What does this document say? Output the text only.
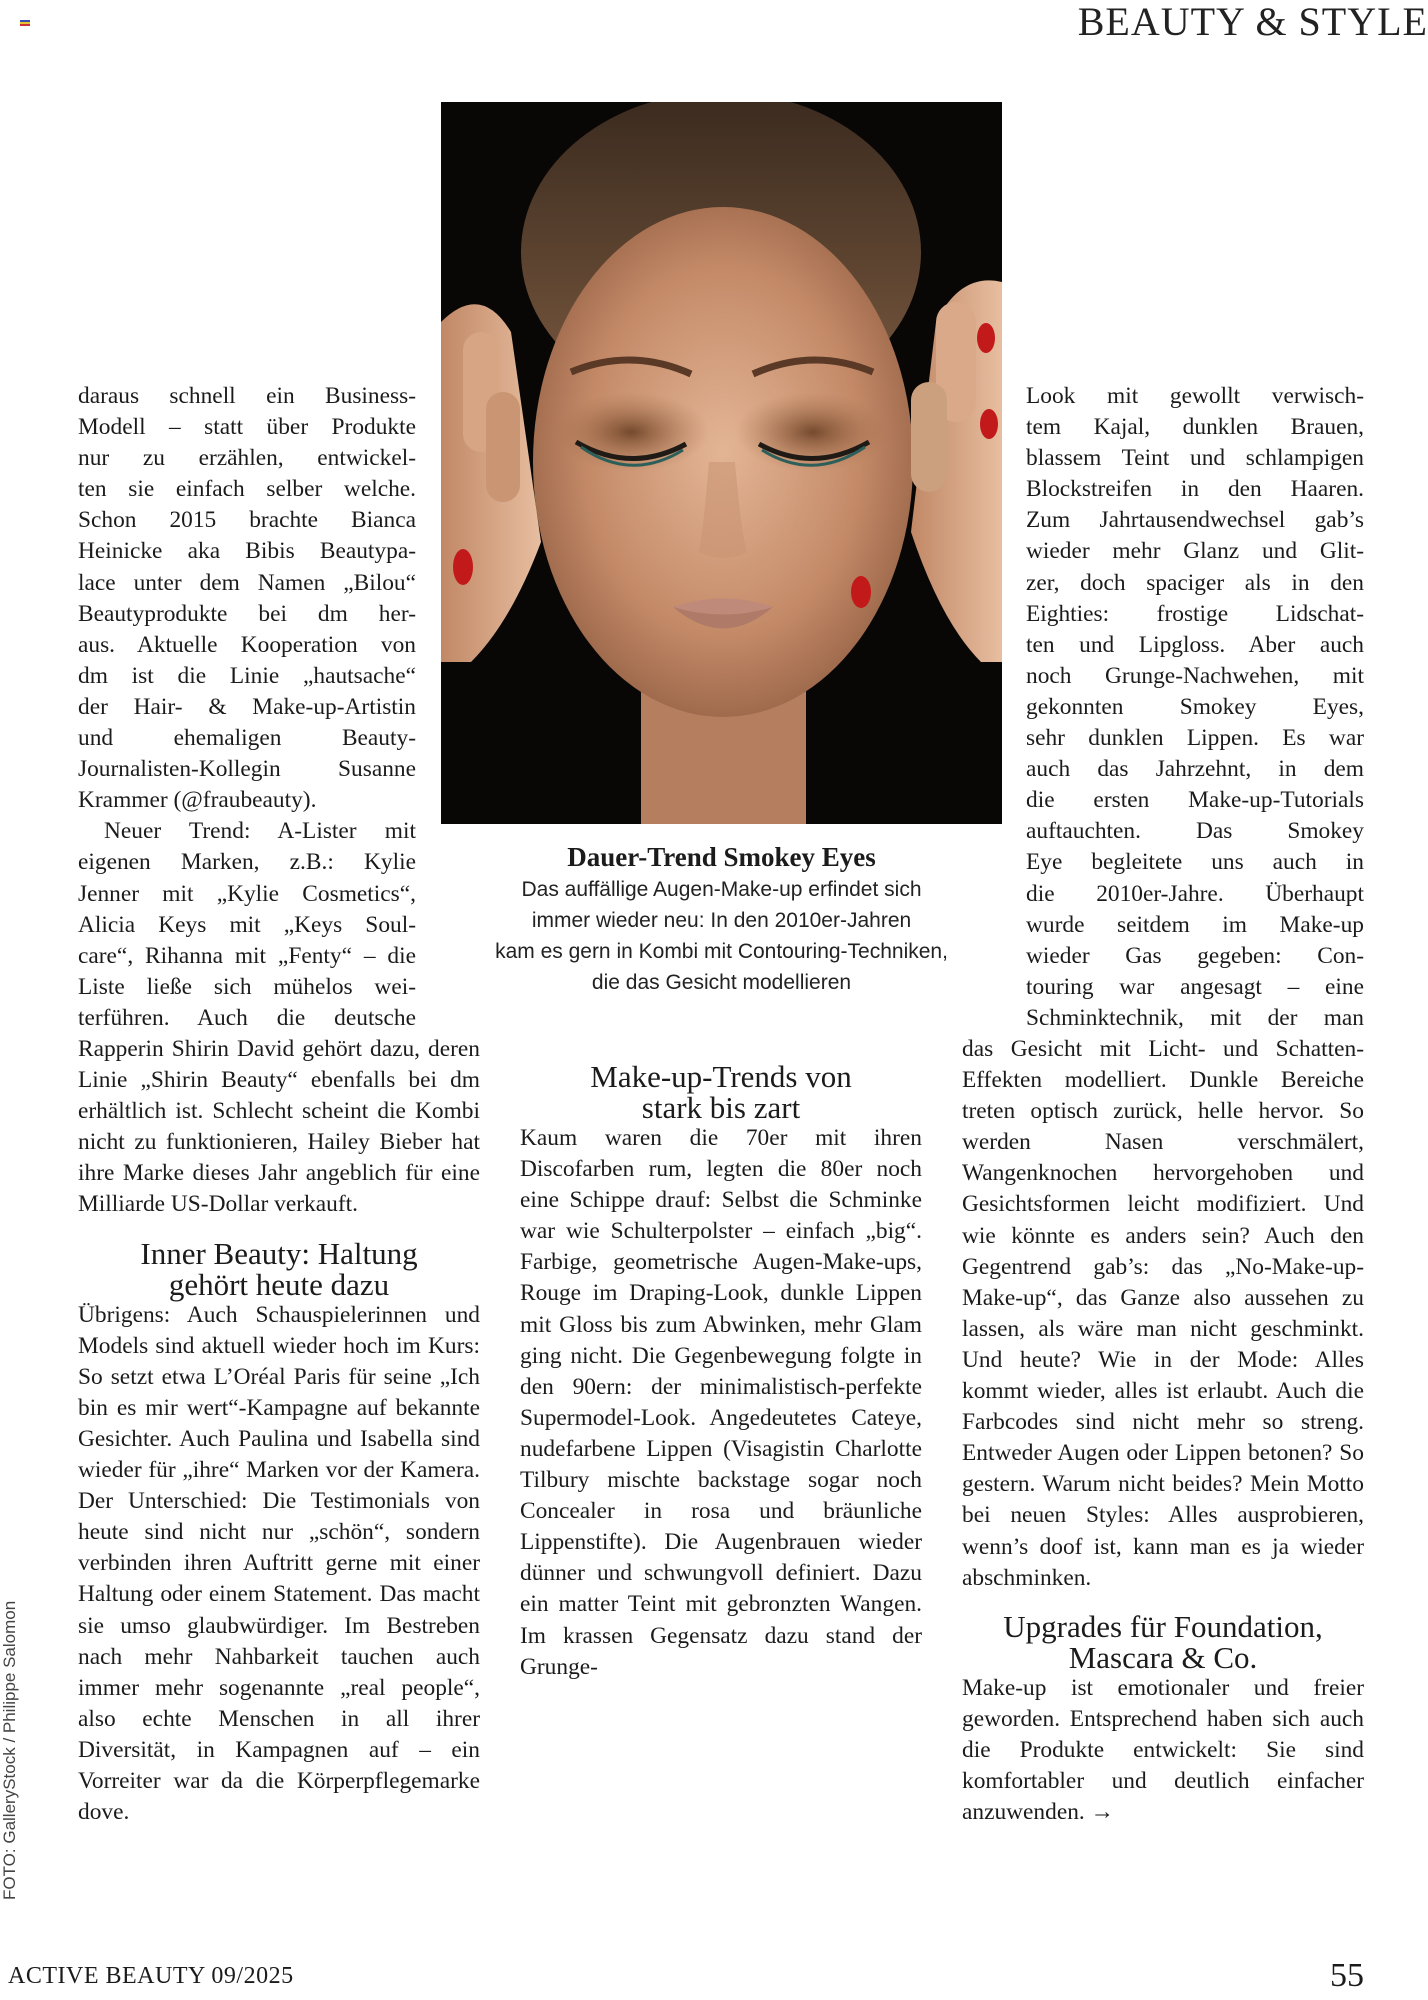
BEAUTY & STYLE
FOTO: GalleryStock / Philippe Salomon
Dauer-Trend Smokey Eyes
Das auffällige Augen-Make-up erfindet sich
immer wieder neu: In den 2010er-Jahren
kam es gern in Kombi mit Contouring-Techniken,
die das Gesicht modellieren
daraus schnell ein Business-
Modell – statt über Produkte
nur zu erzählen, entwickel-
ten sie einfach selber welche.
Schon 2015 brachte Bianca
Heinicke aka Bibis Beautypa-
lace unter dem Namen „Bilou“
Beautyprodukte bei dm her-
aus. Aktuelle Kooperation von
dm ist die Linie „hautsache“
der Hair- & Make-up-Artistin
und ehemaligen Beauty-
Journalisten-Kollegin Susanne
Krammer (@fraubeauty).
Neuer Trend: A-Lister mit
eigenen Marken, z.B.: Kylie
Jenner mit „Kylie Cosmetics“,
Alicia Keys mit „Keys Soul-
care“, Rihanna mit „Fenty“ – die
Liste ließe sich mühelos wei-
terführen. Auch die deutsche

Rapperin Shirin David gehört dazu, deren Linie „Shirin Beauty“ ebenfalls bei dm erhältlich ist. Schlecht scheint die Kombi nicht zu funktionieren, Hailey Bieber hat ihre Marke dieses Jahr angeblich für eine Milliarde US-Dollar verkauft.

Inner Beauty: Haltung
gehört heute dazu

Übrigens: Auch Schauspielerinnen und Models sind aktuell wieder hoch im Kurs: So setzt etwa L’Oréal Paris für seine „Ich bin es mir wert“-Kampagne auf bekannte Gesichter. Auch Paulina und Isabella sind wieder für „ihre“ Marken vor der Kamera. Der Unterschied: Die Testimonials von heute sind nicht nur „schön“, sondern verbinden ihren Auftritt gerne mit einer Haltung oder einem Statement. Das macht sie umso glaubwürdiger. Im Bestreben nach mehr Nahbarkeit tauchen auch immer mehr sogenannte „real people“, also echte Menschen in all ihrer Diversität, in Kampagnen auf – ein Vorreiter war da die Körperpflegemarke dove.

Make-up-Trends von
stark bis zart

Kaum waren die 70er mit ihren Discofarben rum, legten die 80er noch eine Schippe drauf: Selbst die Schminke war wie Schulterpolster – einfach „big“. Farbige, geometrische Augen-Make-ups, Rouge im Draping-Look, dunkle Lippen mit Gloss bis zum Abwinken, mehr Glam ging nicht. Die Gegenbewegung folgte in den 90ern: der minimalistisch-perfekte Supermodel-Look. Angedeutetes Cateye, nudefarbene Lippen (Visagistin Charlotte Tilbury mischte backstage sogar noch Concealer in rosa und bräunliche Lippenstifte). Die Augenbrauen wieder dünner und schwungvoll definiert. Dazu ein matter Teint mit gebronzten Wangen. Im krassen Gegensatz dazu stand der Grunge-

Look mit gewollt verwisch-
tem Kajal, dunklen Brauen,
blassem Teint und schlampigen
Blockstreifen in den Haaren.
Zum Jahrtausendwechsel gab’s
wieder mehr Glanz und Glit-
zer, doch spaciger als in den
Eighties: frostige Lidschat-
ten und Lipgloss. Aber auch
noch Grunge-Nachwehen, mit
gekonnten Smokey Eyes,
sehr dunklen Lippen. Es war
auch das Jahrzehnt, in dem
die ersten Make-up-Tutorials
auftauchten. Das Smokey
Eye begleitete uns auch in
die 2010er-Jahre. Überhaupt
wurde seitdem im Make-up
wieder Gas gegeben: Con-
touring war angesagt – eine
Schminktechnik, mit der man

das Gesicht mit Licht- und Schatten-Effekten modelliert. Dunkle Bereiche treten optisch zurück, helle hervor. So werden Nasen verschmälert, Wangenknochen hervorgehoben und Gesichtsformen leicht modifiziert. Und wie könnte es anders sein? Auch den Gegentrend gab’s: das „No-Make-up-Make-up“, das Ganze also aussehen zu lassen, als wäre man nicht geschminkt. Und heute? Wie in der Mode: Alles kommt wieder, alles ist erlaubt. Auch die Farbcodes sind nicht mehr so streng. Entweder Augen oder Lippen betonen? So gestern. Warum nicht beides? Mein Motto bei neuen Styles: Alles ausprobieren, wenn’s doof ist, kann man es ja wieder abschminken.

Upgrades für Foundation,
Mascara & Co.

Make-up ist emotionaler und freier geworden. Entsprechend haben sich auch die Produkte entwickelt: Sie sind komfortabler und deutlich einfacher anzuwenden. →

ACTIVE BEAUTY 09/2025	55
